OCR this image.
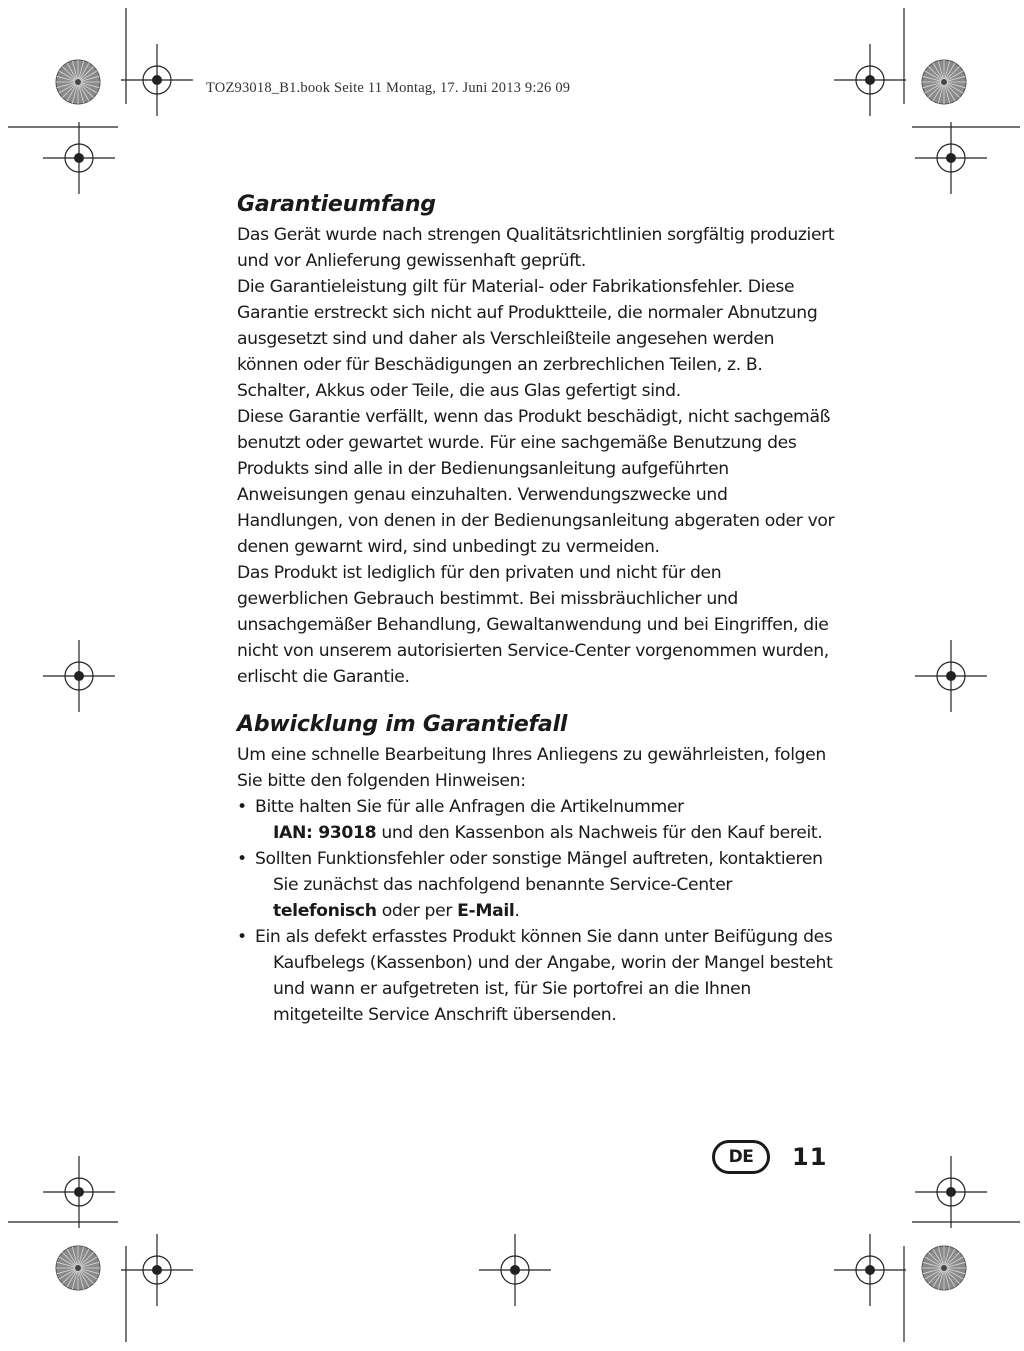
TOZ93018_B1.book Seite 11 Montag, 17. Juni 2013 9:26 09
Garantieumfang

Das Gerät wurde nach strengen Qualitätsrichtlinien sorgfältig produziert und vor Anlieferung gewissenhaft geprüft.

Die Garantieleistung gilt für Material- oder Fabrikationsfehler. Diese Garantie erstreckt sich nicht auf Produktteile, die normaler Abnutzung ausgesetzt sind und daher als Verschleißteile angesehen werden können oder für Beschädigungen an zerbrechlichen Teilen, z. B. Schalter, Akkus oder Teile, die aus Glas gefertigt sind.

Diese Garantie verfällt, wenn das Produkt beschädigt, nicht sachgemäß benutzt oder gewartet wurde. Für eine sachgemäße Benutzung des Produkts sind alle in der Bedienungsanleitung aufgeführten Anweisungen genau einzuhalten. Verwendungszwecke und Handlungen, von denen in der Bedienungsanleitung abgeraten oder vor denen gewarnt wird, sind unbedingt zu vermeiden.

Das Produkt ist lediglich für den privaten und nicht für den gewerblichen Gebrauch bestimmt. Bei missbräuchlicher und unsachgemäßer Behandlung, Gewaltanwendung und bei Eingriffen, die nicht von unserem autorisierten Service-Center vorgenommen wurden, erlischt die Garantie.

Abwicklung im Garantiefall

Um eine schnelle Bearbeitung Ihres Anliegens zu gewährleisten, folgen Sie bitte den folgenden Hinweisen:

• Bitte halten Sie für alle Anfragen die Artikelnummer
IAN: 93018 und den Kassenbon als Nachweis für den Kauf bereit.
• Sollten Funktionsfehler oder sonstige Mängel auftreten, kontaktieren Sie zunächst das nachfolgend benannte Service-Center telefonisch oder per E-Mail.
• Ein als defekt erfasstes Produkt können Sie dann unter Beifügung des Kaufbelegs (Kassenbon) und der Angabe, worin der Mangel besteht und wann er aufgetreten ist, für Sie portofrei an die Ihnen mitgeteilte Service Anschrift übersenden.
DE	11
